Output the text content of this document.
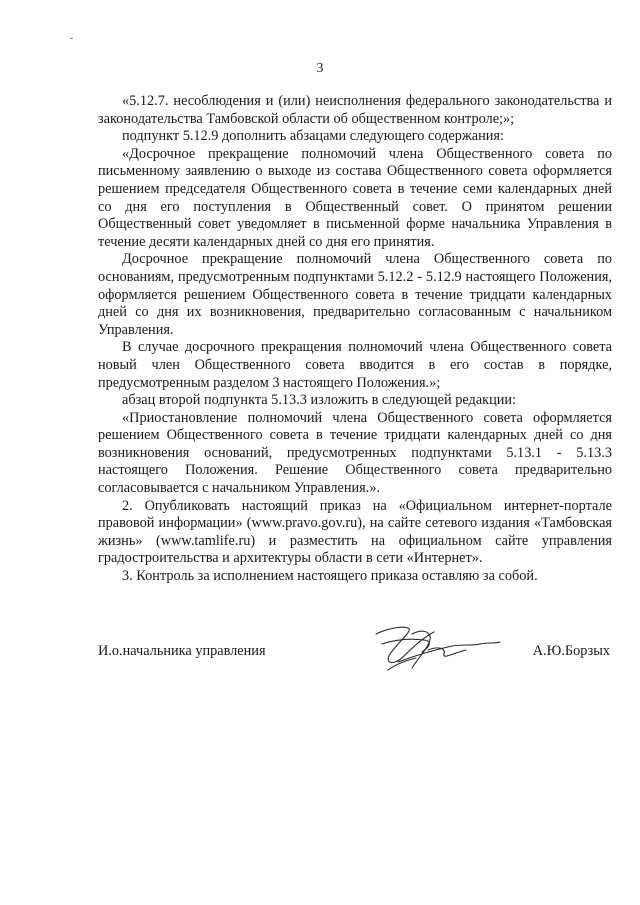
3

«5.12.7. несоблюдения и (или) неисполнения федерального законодательства и законодательства Тамбовской области об общественном контроле;»;

подпункт 5.12.9 дополнить абзацами следующего содержания:

«Досрочное прекращение полномочий члена Общественного совета по письменному заявлению о выходе из состава Общественного совета оформляется решением председателя Общественного совета в течение семи календарных дней со дня его поступления в Общественный совет. О принятом решении Общественный совет уведомляет в письменной форме начальника Управления в течение десяти календарных дней со дня его принятия.

Досрочное прекращение полномочий члена Общественного совета по основаниям, предусмотренным подпунктами 5.12.2 - 5.12.9 настоящего Положения, оформляется решением Общественного совета в течение тридцати календарных дней со дня их возникновения, предварительно согласованным с начальником Управления.

В случае досрочного прекращения полномочий члена Общественного совета новый член Общественного совета вводится в его состав в порядке, предусмотренным разделом 3 настоящего Положения.»;

абзац второй подпункта 5.13.3 изложить в следующей редакции:

«Приостановление полномочий члена Общественного совета оформляется решением Общественного совета в течение тридцати календарных дней со дня возникновения оснований, предусмотренных подпунктами 5.13.1 - 5.13.3 настоящего Положения. Решение Общественного совета предварительно согласовывается с начальником Управления.».

2. Опубликовать настоящий приказ на «Официальном интернет-портале правовой информации» (www.pravo.gov.ru), на сайте сетевого издания «Тамбовская жизнь» (www.tamlife.ru) и разместить на официальном сайте управления градостроительства и архитектуры области в сети «Интернет».

3. Контроль за исполнением настоящего приказа оставляю за собой.

И.о.начальника управления	А.Ю.Борзых
